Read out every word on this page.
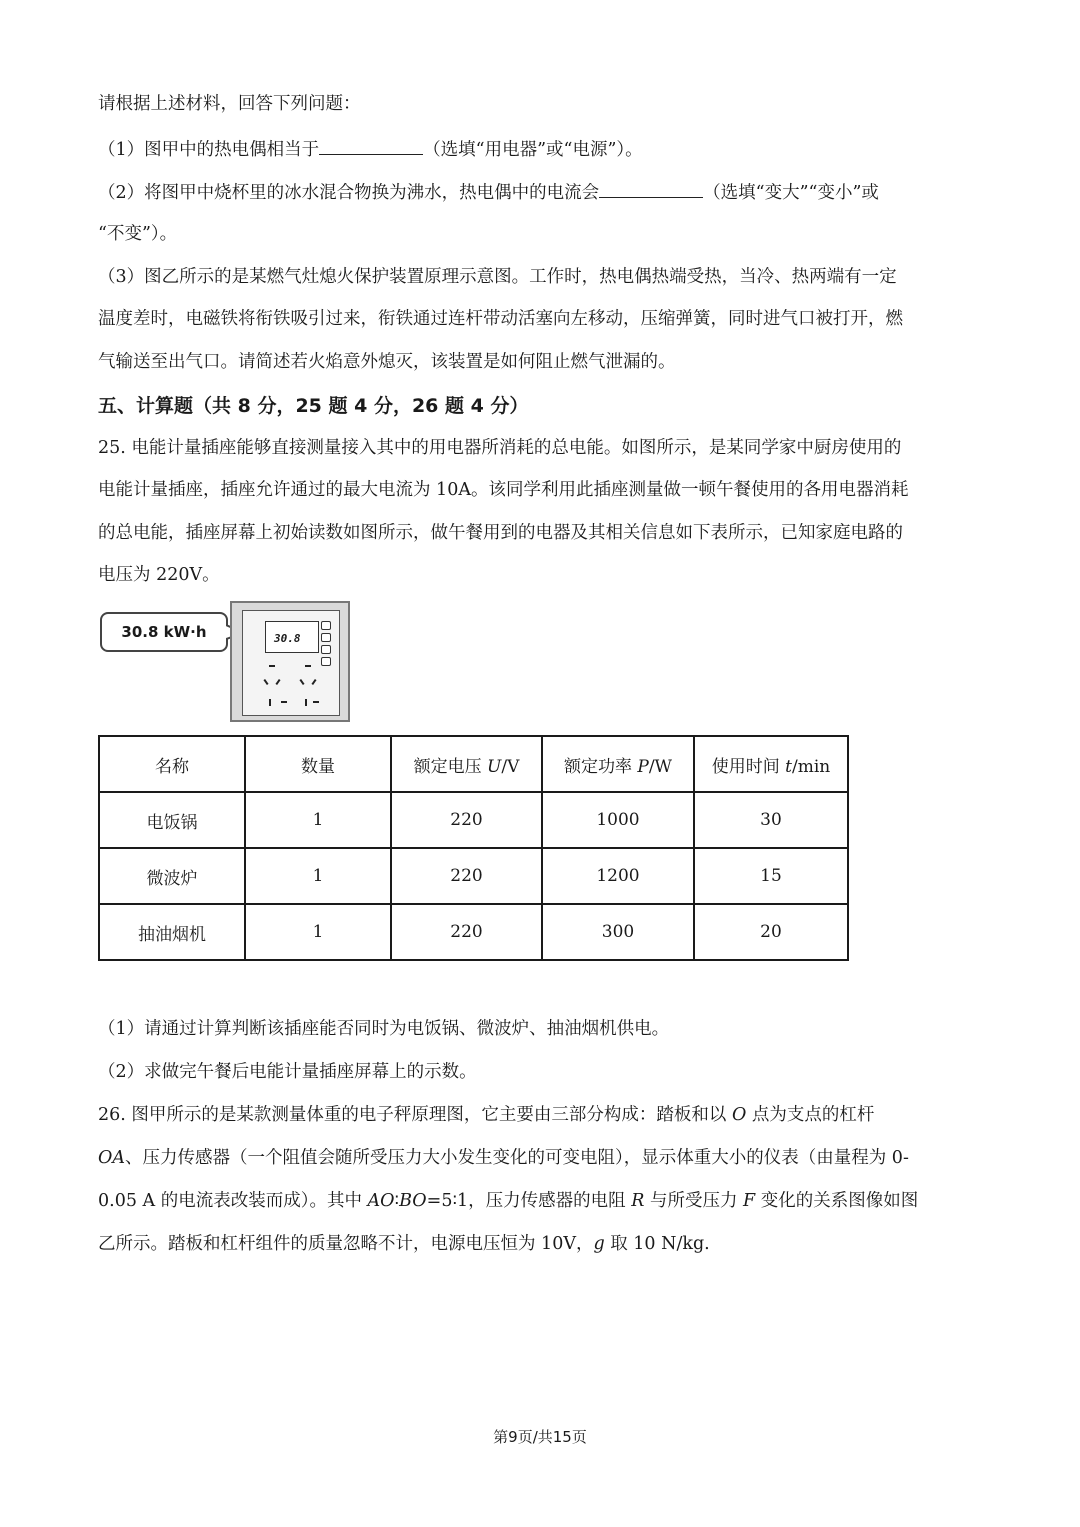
请根据上述材料，回答下列问题：
（1）图甲中的热电偶相当于	（选填“用电器”或“电源”）。
（2）将图甲中烧杯里的冰水混合物换为沸水，热电偶中的电流会	（选填“变大”“变小”或
“不变”）。
（3）图乙所示的是某燃气灶熄火保护装置原理示意图。工作时，热电偶热端受热，当冷、热两端有一定
温度差时，电磁铁将衔铁吸引过来，衔铁通过连杆带动活塞向左移动，压缩弹簧，同时进气口被打开，燃
气输送至出气口。请简述若火焰意外熄灭，该装置是如何阻止燃气泄漏的。
五、计算题（共 8 分，25 题 4 分，26 题 4 分）
25. 电能计量插座能够直接测量接入其中的用电器所消耗的总电能。如图所示，是某同学家中厨房使用的
电能计量插座，插座允许通过的最大电流为 10A。该同学利用此插座测量做一顿午餐使用的各用电器消耗
的总电能，插座屏幕上初始读数如图所示，做午餐用到的电器及其相关信息如下表所示，已知家庭电路的
电压为 220V。
30.8 kW·h	30.8
名称	数量	额定电压 U/V	额定功率 P/W	使用时间 t/min
电饭锅	1	220	1000	30
微波炉	1	220	1200	15
抽油烟机	1	220	300	20
（1）请通过计算判断该插座能否同时为电饭锅、微波炉、抽油烟机供电。
（2）求做完午餐后电能计量插座屏幕上的示数。
26. 图甲所示的是某款测量体重的电子秤原理图，它主要由三部分构成：踏板和以 O 点为支点的杠杆
OA、压力传感器（一个阻值会随所受压力大小发生变化的可变电阻），显示体重大小的仪表（由量程为 0-
0.05 A 的电流表改装而成）。其中 AO∶BO=5∶1，压力传感器的电阻 R 与所受压力 F 变化的关系图像如图
乙所示。踏板和杠杆组件的质量忽略不计，电源电压恒为 10V，g 取 10 N/kg.
第9页/共15页
